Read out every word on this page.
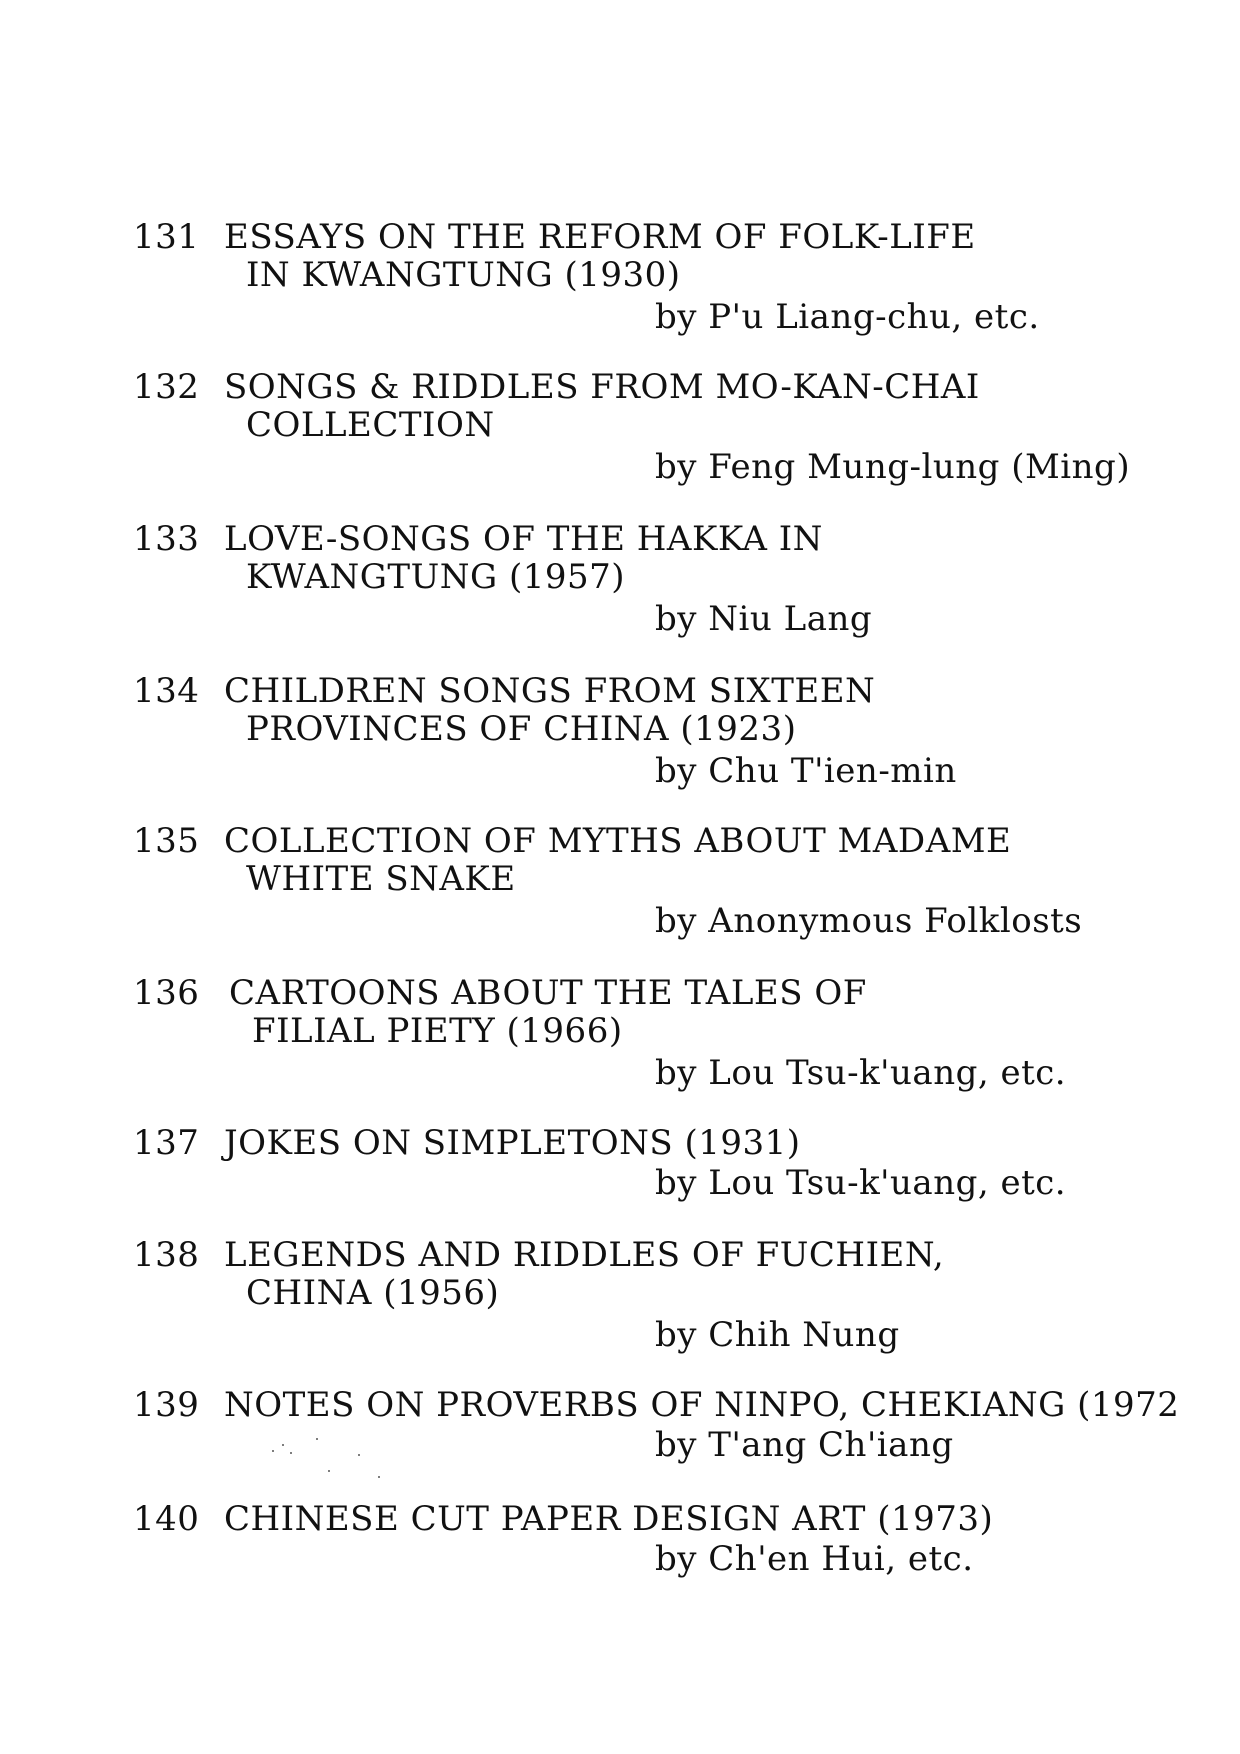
131 ESSAYS ON THE REFORM OF FOLK-LIFE
IN KWANGTUNG (1930)
by P'u Liang-chu, etc.
132 SONGS & RIDDLES FROM MO-KAN-CHAI
COLLECTION
by Feng Mung-lung (Ming)
133 LOVE-SONGS OF THE HAKKA IN
KWANGTUNG (1957)
by Niu Lang
134 CHILDREN SONGS FROM SIXTEEN
PROVINCES OF CHINA (1923)
by Chu T'ien-min
135 COLLECTION OF MYTHS ABOUT MADAME
WHITE SNAKE
by Anonymous Folklosts
136 CARTOONS ABOUT THE TALES OF
FILIAL PIETY (1966)
by Lou Tsu-k'uang, etc.
137 JOKES ON SIMPLETONS (1931)
by Lou Tsu-k'uang, etc.
138 LEGENDS AND RIDDLES OF FUCHIEN,
CHINA (1956)
by Chih Nung
139 NOTES ON PROVERBS OF NINPO, CHEKIANG (1972
by T'ang Ch'iang
140 CHINESE CUT PAPER DESIGN ART (1973)
by Ch'en Hui, etc.
